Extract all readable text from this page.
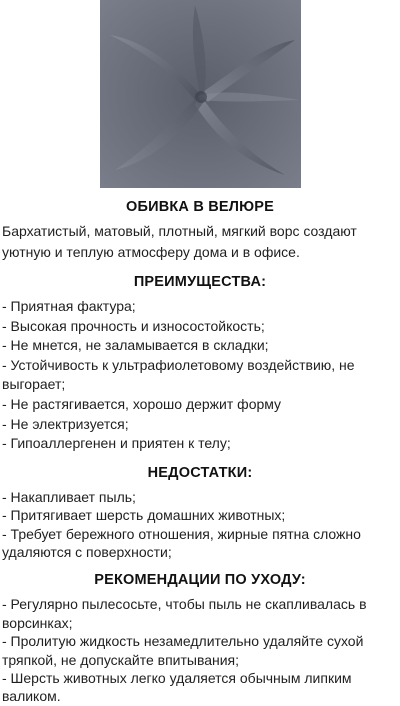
ОБИВКА В ВЕЛЮРЕ

Бархатистый, матовый, плотный, мягкий ворс создают уютную и теплую атмосферу дома и в офисе.

ПРЕИМУЩЕСТВА:
- Приятная фактура;
- Высокая прочность и износостойкость;
- Не мнется, не заламывается в складки;
- Устойчивость к ультрафиолетовому воздействию, не выгорает;
- Не растягивается, хорошо держит форму
- Не электризуется;
- Гипоаллергенен и приятен к телу;
НЕДОСТАТКИ:
- Накапливает пыль;
- Притягивает шерсть домашних животных;
- Требует бережного отношения, жирные пятна сложно удаляются с поверхности;
РЕКОМЕНДАЦИИ ПО УХОДУ:
- Регулярно пылесосьте, чтобы пыль не скапливалась в ворсинках;
- Пролитую жидкость незамедлительно удаляйте сухой тряпкой, не допускайте впитывания;
- Шерсть животных легко удаляется обычным липким валиком.
